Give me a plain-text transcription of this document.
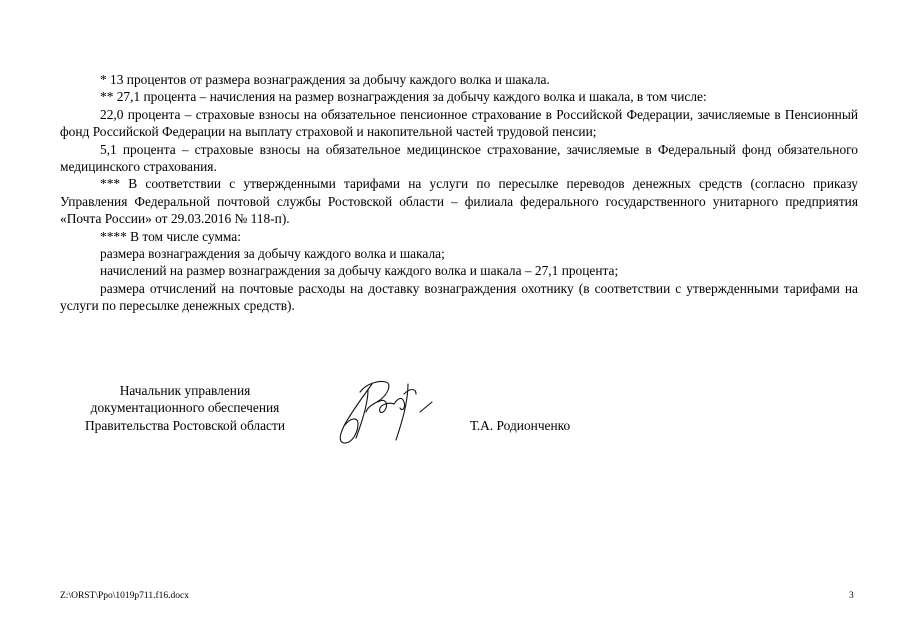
* 13 процентов от размера вознаграждения за добычу каждого волка и шакала.

** 27,1 процента – начисления на размер вознаграждения за добычу каждого волка и шакала, в том числе:

22,0 процента – страховые взносы на обязательное пенсионное страхование в Российской Федерации, зачисляемые в Пенсионный фонд Российской Федерации на выплату страховой и накопительной частей трудовой пенсии;

5,1 процента – страховые взносы на обязательное медицинское страхование, зачисляемые в Федеральный фонд обязательного медицинского страхования.

*** В соответствии с утвержденными тарифами на услуги по пересылке переводов денежных средств (согласно приказу Управления Федеральной почтовой службы Ростовской области – филиала федерального государственного унитарного предприятия «Почта России» от 29.03.2016 № 118-п).

**** В том числе сумма:

размера вознаграждения за добычу каждого волка и шакала;

начислений на размер вознаграждения за добычу каждого волка и шакала – 27,1 процента;

размера отчислений на почтовые расходы на доставку вознаграждения охотнику (в соответствии с утвержденными тарифами на услуги по пересылке денежных средств).

Начальник управления
документационного обеспечения
Правительства Ростовской области	Т.А. Родионченко
Z:\ORST\Ppo\1019p711.f16.docx	3
